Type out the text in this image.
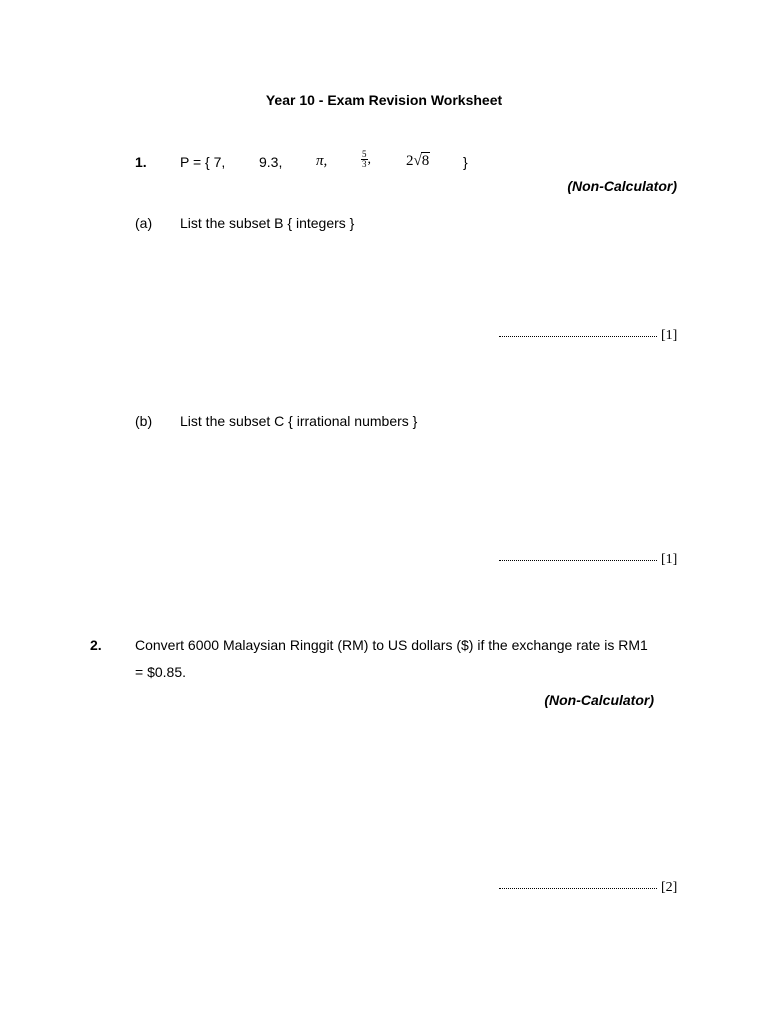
Year 10 - Exam Revision Worksheet
1. P = { 7, 9.3, π,	$\frac{5}{3}$ , 2√8 }
(Non-Calculator)
(a) List the subset B { integers }
[1]
(b) List the subset C { irrational numbers }
[1]
2. Convert 6000 Malaysian Ringgit (RM) to US dollars ($) if the exchange rate is RM1
= $0.85.
(Non-Calculator)
[2]
